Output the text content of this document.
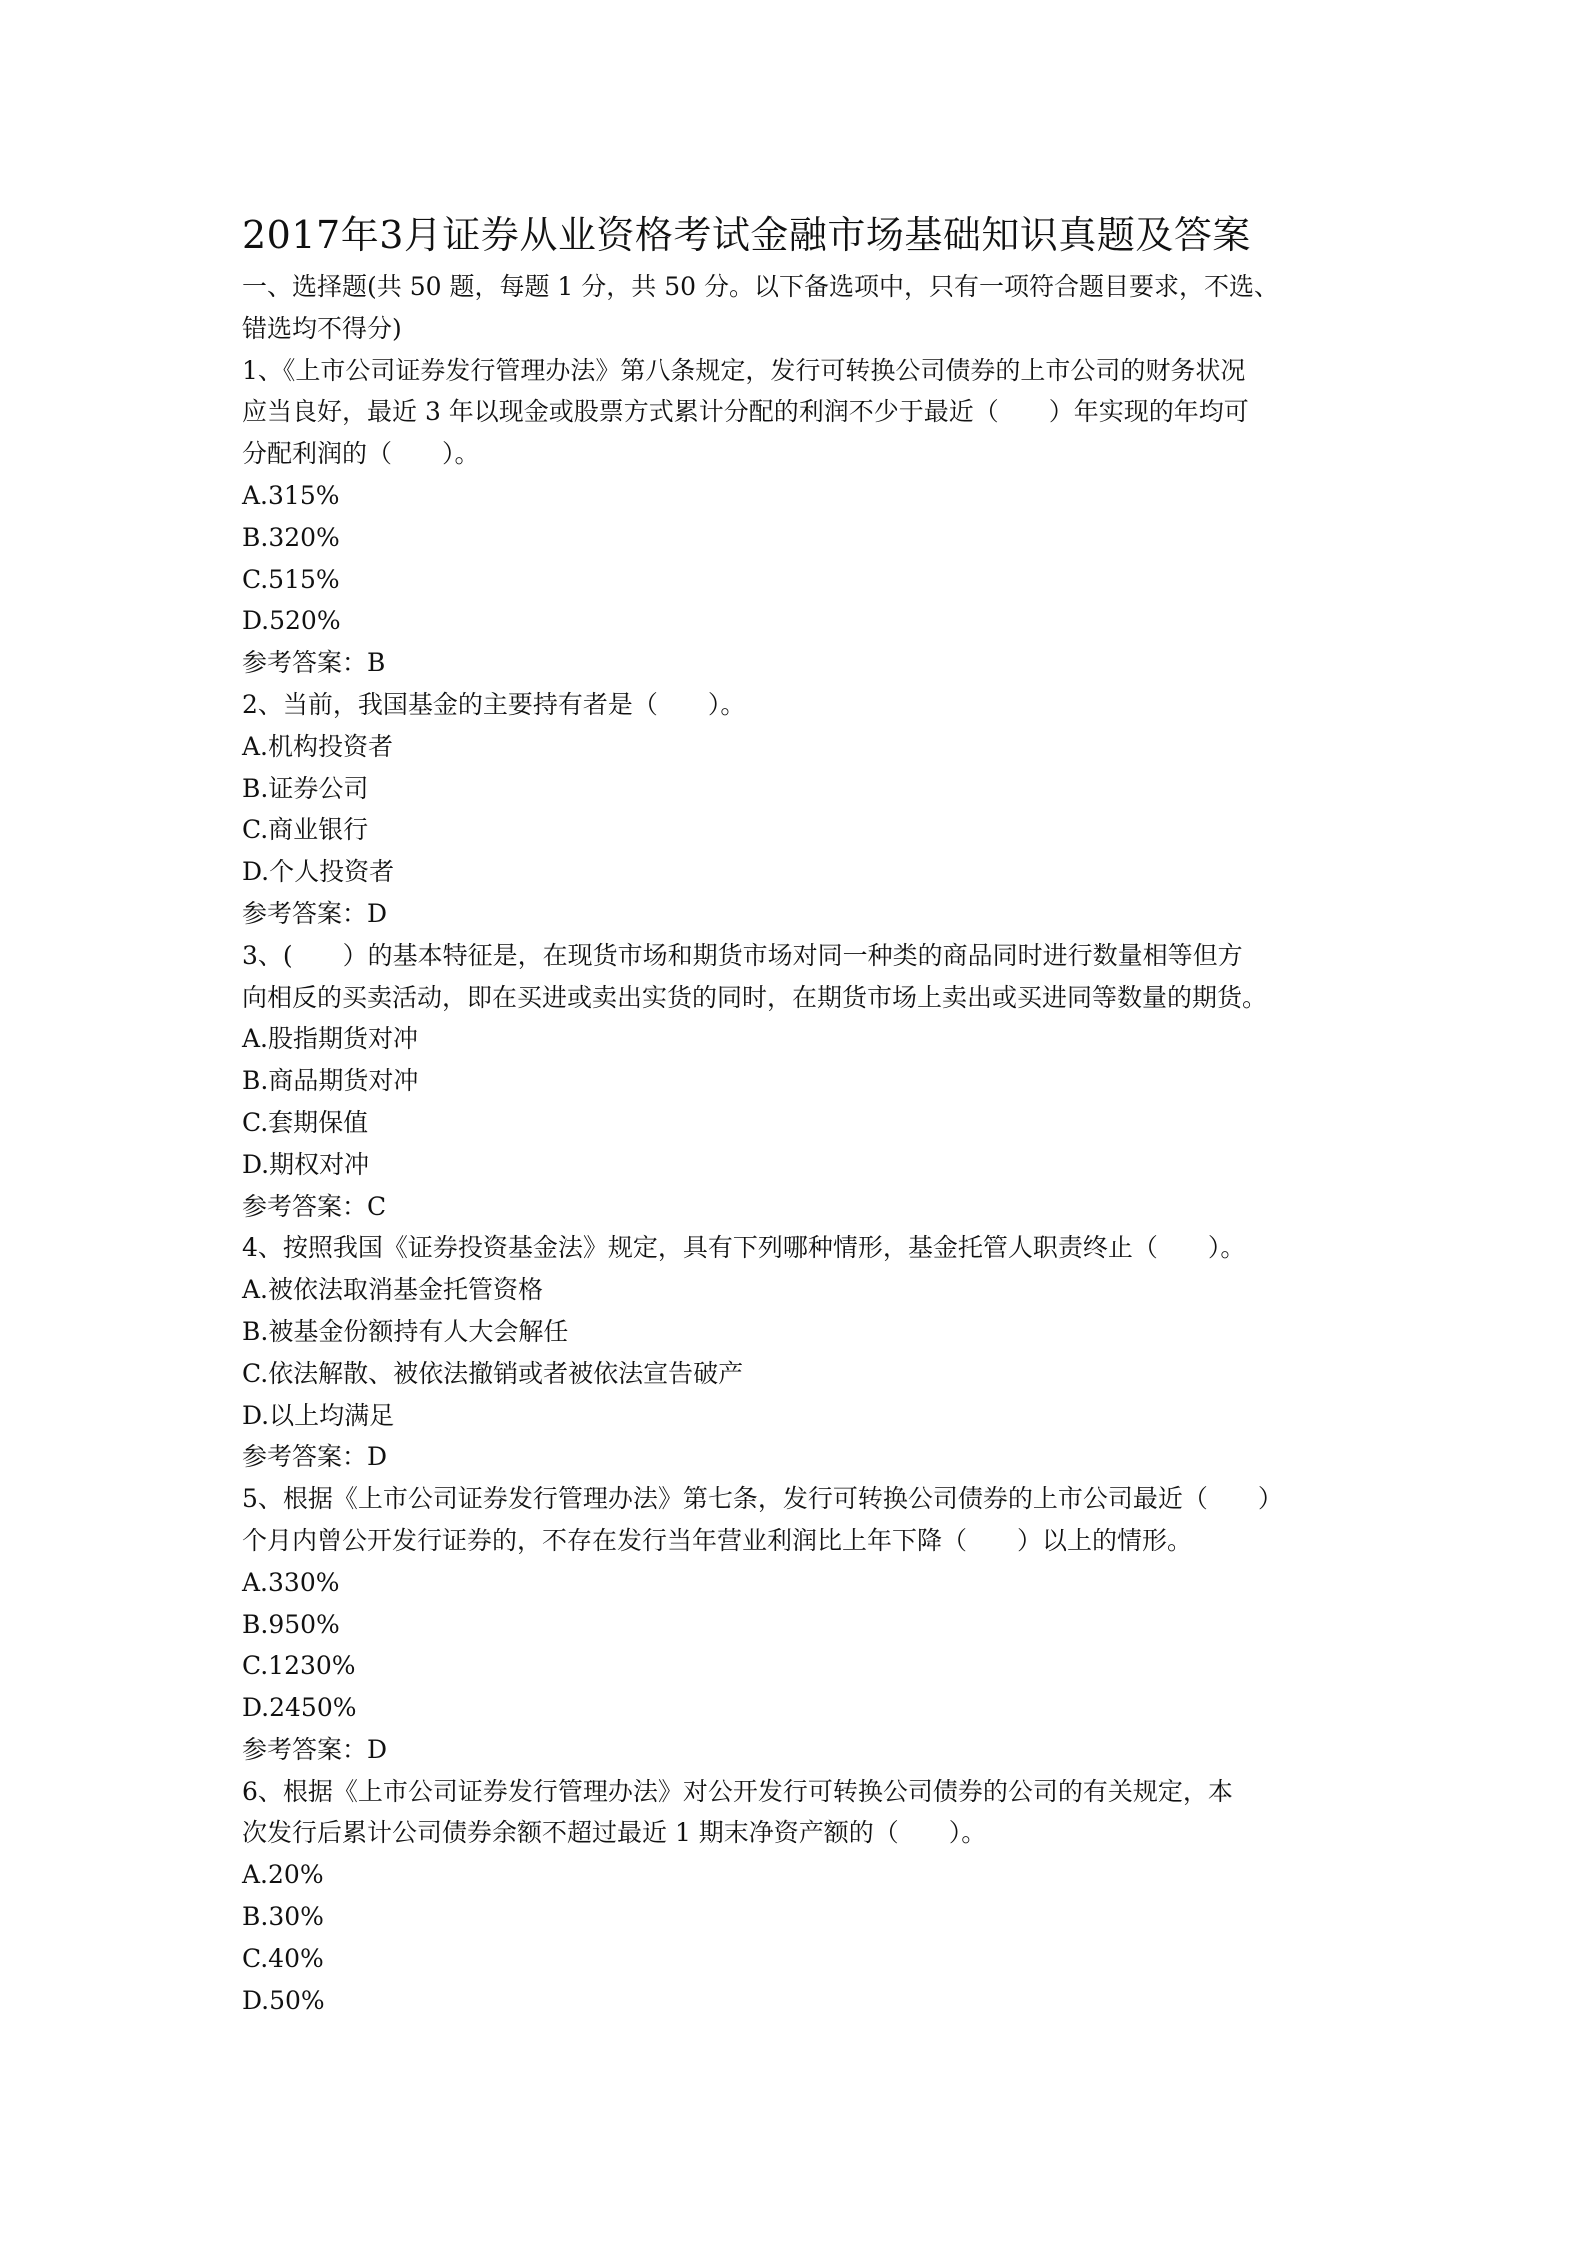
2017年3月证券从业资格考试金融市场基础知识真题及答案
一、选择题(共 50 题，每题 1 分，共 50 分。以下备选项中，只有一项符合题目要求，不选、
错选均不得分)
1、《上市公司证券发行管理办法》第八条规定，发行可转换公司债券的上市公司的财务状况
应当良好，最近 3 年以现金或股票方式累计分配的利润不少于最近（　　）年实现的年均可
分配利润的（　　）。
A.315%
B.320%
C.515%
D.520%
参考答案：B
2、当前，我国基金的主要持有者是（　　）。
A.机构投资者
B.证券公司
C.商业银行
D.个人投资者
参考答案：D
3、(　　）的基本特征是，在现货市场和期货市场对同一种类的商品同时进行数量相等但方
向相反的买卖活动，即在买进或卖出实货的同时，在期货市场上卖出或买进同等数量的期货。
A.股指期货对冲
B.商品期货对冲
C.套期保值
D.期权对冲
参考答案：C
4、按照我国《证券投资基金法》规定，具有下列哪种情形，基金托管人职责终止（　　）。
A.被依法取消基金托管资格
B.被基金份额持有人大会解任
C.依法解散、被依法撤销或者被依法宣告破产
D.以上均满足
参考答案：D
5、根据《上市公司证券发行管理办法》第七条，发行可转换公司债券的上市公司最近（　　）
个月内曾公开发行证券的，不存在发行当年营业利润比上年下降（　　）以上的情形。
A.330%
B.950%
C.1230%
D.2450%
参考答案：D
6、根据《上市公司证券发行管理办法》对公开发行可转换公司债券的公司的有关规定，本
次发行后累计公司债券余额不超过最近 1 期末净资产额的（　　）。
A.20%
B.30%
C.40%
D.50%
